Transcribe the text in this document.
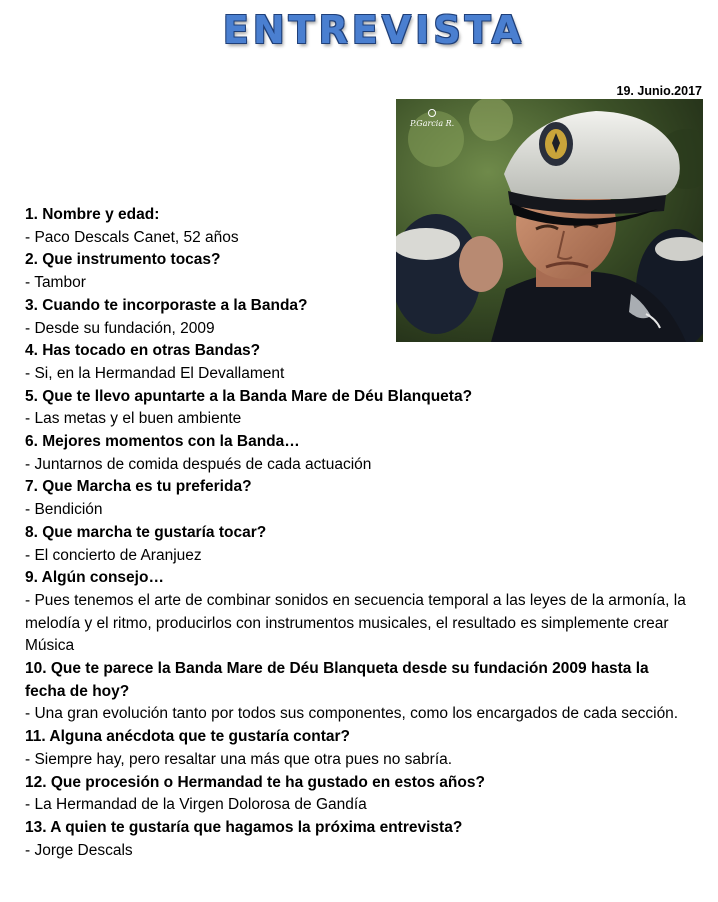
ENTREVISTA
19. Junio.2017
P.Garcia R.

1. Nombre y edad:

- Paco Descals Canet, 52 años

2. Que instrumento tocas?

- Tambor

3. Cuando te incorporaste a la Banda?

- Desde su fundación, 2009

4. Has tocado en otras Bandas?

- Si, en la Hermandad El Devallament

5. Que te llevo apuntarte a la Banda Mare de Déu Blanqueta?

- Las metas y el buen ambiente

6. Mejores momentos con la Banda…

- Juntarnos de comida después de cada actuación

7. Que Marcha es tu preferida?

- Bendición

8. Que marcha te gustaría tocar?

- El concierto de Aranjuez

9. Algún consejo…

- Pues tenemos el arte de combinar sonidos en secuencia temporal a las leyes de la armonía, la melodía y el ritmo, producirlos con instrumentos musicales, el resultado es simplemente crear Música

10. Que te parece la Banda Mare de Déu Blanqueta desde su fundación 2009 hasta la fecha de hoy?

- Una gran evolución tanto por todos sus componentes, como los encargados de cada sección.

11. Alguna anécdota que te gustaría contar?

- Siempre hay, pero resaltar una más que otra pues no sabría.

12. Que procesión o Hermandad te ha gustado en estos años?

- La Hermandad de la Virgen Dolorosa de Gandía

13. A quien te gustaría que hagamos la próxima entrevista?

- Jorge Descals
